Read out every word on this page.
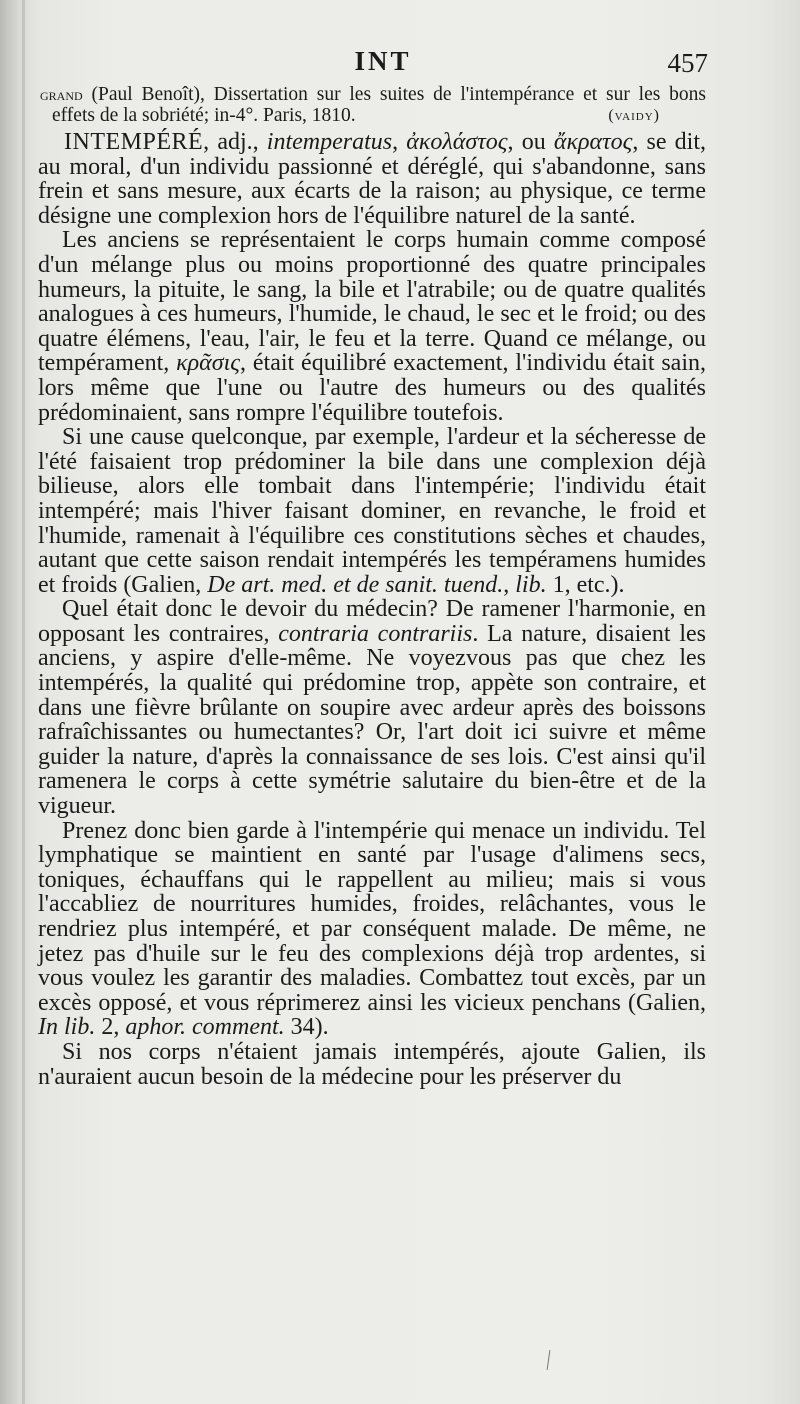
INT	457
grand (Paul Benoît), Dissertation sur les suites de l'intempérance et sur les bons
effets de la sobriété; in-4°. Paris, 1810.	(vaidy)

INTEMPÉRÉ, adj., intemperatus, ἀκολάστος, ou ἄκρατος, se dit, au moral, d'un individu passionné et déréglé, qui s'abandonne, sans frein et sans mesure, aux écarts de la raison; au physique, ce terme désigne une complexion hors de l'équilibre naturel de la santé.

Les anciens se représentaient le corps humain comme composé d'un mélange plus ou moins proportionné des quatre principales humeurs, la pituite, le sang, la bile et l'atrabile; ou de quatre qualités analogues à ces humeurs, l'humide, le chaud, le sec et le froid; ou des quatre élémens, l'eau, l'air, le feu et la terre. Quand ce mélange, ou tempérament, κρᾶσις, était équilibré exactement, l'individu était sain, lors même que l'une ou l'autre des humeurs ou des qualités prédominaient, sans rompre l'équilibre toutefois.

Si une cause quelconque, par exemple, l'ardeur et la sécheresse de l'été faisaient trop prédominer la bile dans une complexion déjà bilieuse, alors elle tombait dans l'intempérie; l'individu était intempéré; mais l'hiver faisant dominer, en revanche, le froid et l'humide, ramenait à l'équilibre ces constitutions sèches et chaudes, autant que cette saison rendait intempérés les tempéramens humides et froids (Galien, De art. med. et de sanit. tuend., lib. 1, etc.).

Quel était donc le devoir du médecin? De ramener l'harmonie, en opposant les contraires, contraria contrariis. La nature, disaient les anciens, y aspire d'elle-même. Ne voyezvous pas que chez les intempérés, la qualité qui prédomine trop, appète son contraire, et dans une fièvre brûlante on soupire avec ardeur après des boissons rafraîchissantes ou humectantes? Or, l'art doit ici suivre et même guider la nature, d'après la connaissance de ses lois. C'est ainsi qu'il ramenera le corps à cette symétrie salutaire du bien-être et de la vigueur.

Prenez donc bien garde à l'intempérie qui menace un individu. Tel lymphatique se maintient en santé par l'usage d'alimens secs, toniques, échauffans qui le rappellent au milieu; mais si vous l'accabliez de nourritures humides, froides, relâchantes, vous le rendriez plus intempéré, et par conséquent malade. De même, ne jetez pas d'huile sur le feu des complexions déjà trop ardentes, si vous voulez les garantir des maladies. Combattez tout excès, par un excès opposé, et vous réprimerez ainsi les vicieux penchans (Galien, In lib. 2, aphor. comment. 34).

Si nos corps n'étaient jamais intempérés, ajoute Galien, ils n'auraient aucun besoin de la médecine pour les préserver du
